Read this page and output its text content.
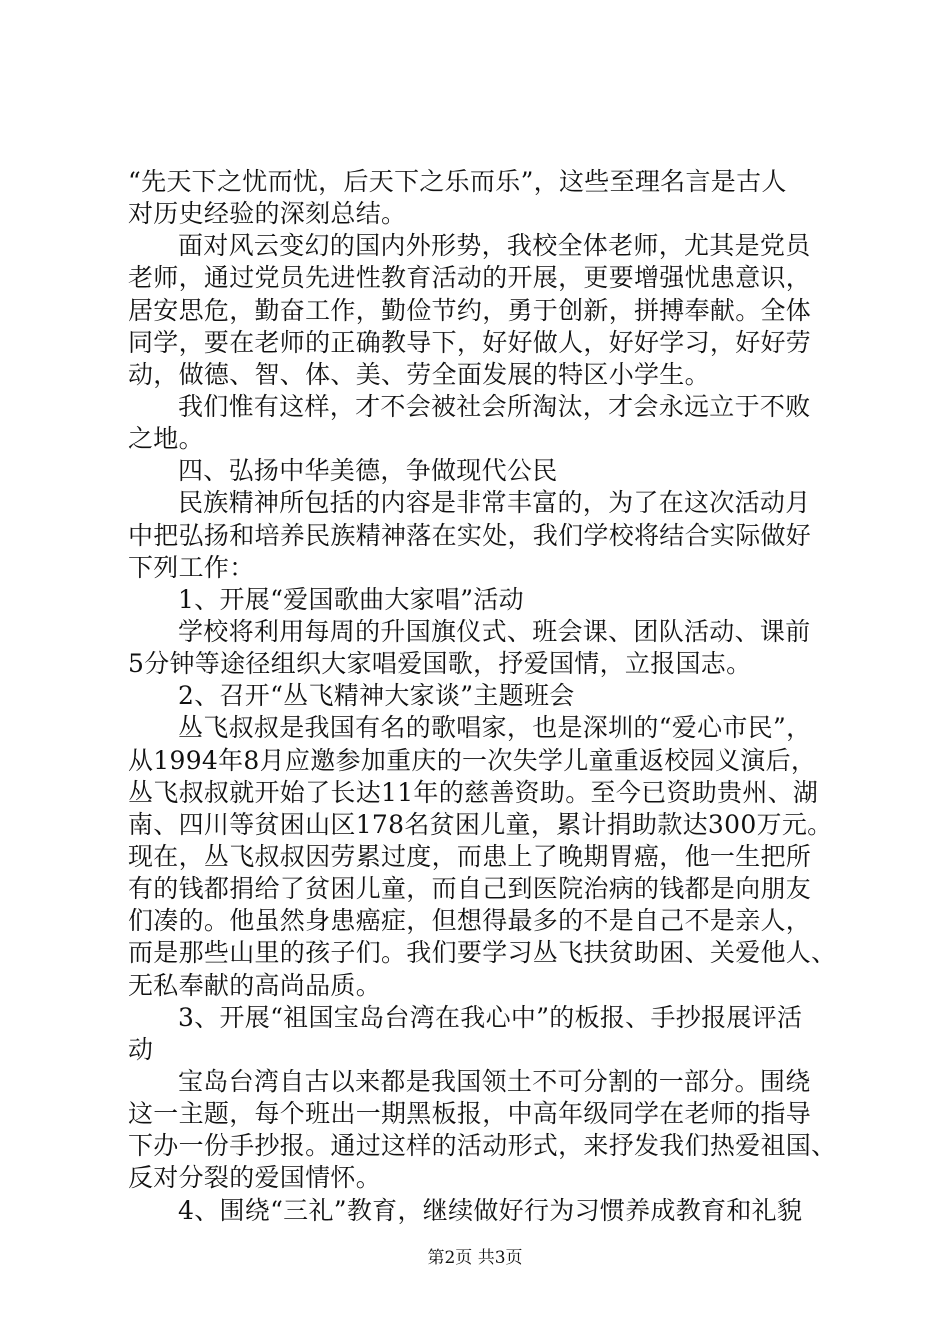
“先天下之忧而忧，后天下之乐而乐”，这些至理名言是古人
对历史经验的深刻总结。
面对风云变幻的国内外形势，我校全体老师，尤其是党员
老师，通过党员先进性教育活动的开展，更要增强忧患意识，
居安思危，勤奋工作，勤俭节约，勇于创新，拼搏奉献。全体
同学，要在老师的正确教导下，好好做人，好好学习，好好劳
动，做德、智、体、美、劳全面发展的特区小学生。
我们惟有这样，才不会被社会所淘汰，才会永远立于不败
之地。
四、弘扬中华美德，争做现代公民
民族精神所包括的内容是非常丰富的，为了在这次活动月
中把弘扬和培养民族精神落在实处，我们学校将结合实际做好
下列工作：
1、开展“爱国歌曲大家唱”活动
学校将利用每周的升国旗仪式、班会课、团队活动、课前
5分钟等途径组织大家唱爱国歌，抒爱国情，立报国志。
2、召开“丛飞精神大家谈”主题班会
丛飞叔叔是我国有名的歌唱家，也是深圳的“爱心市民”，
从1994年8月应邀参加重庆的一次失学儿童重返校园义演后，
丛飞叔叔就开始了长达11年的慈善资助。至今已资助贵州、湖
南、四川等贫困山区178名贫困儿童，累计捐助款达300万元。
现在，丛飞叔叔因劳累过度，而患上了晚期胃癌，他一生把所
有的钱都捐给了贫困儿童，而自己到医院治病的钱都是向朋友
们凑的。他虽然身患癌症，但想得最多的不是自己不是亲人，
而是那些山里的孩子们。我们要学习丛飞扶贫助困、关爱他人、
无私奉献的高尚品质。
3、开展“祖国宝岛台湾在我心中”的板报、手抄报展评活
动
宝岛台湾自古以来都是我国领土不可分割的一部分。围绕
这一主题，每个班出一期黑板报，中高年级同学在老师的指导
下办一份手抄报。通过这样的活动形式，来抒发我们热爱祖国、
反对分裂的爱国情怀。
4、围绕“三礼”教育，继续做好行为习惯养成教育和礼貌
第2页 共3页
